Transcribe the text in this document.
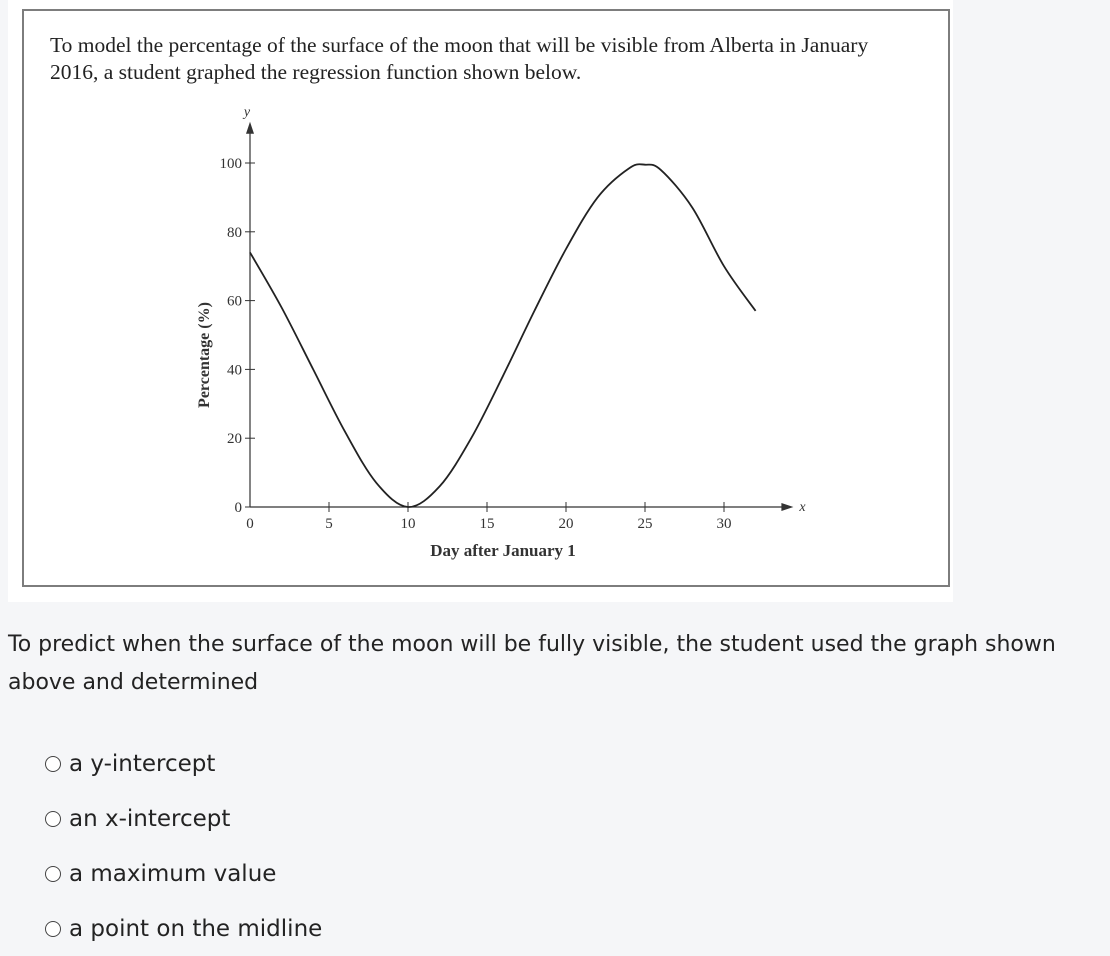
To model the percentage of the surface of the moon that will be visible from Alberta in January 2016, a student graphed the regression function shown below.

x
y
0	5	10	15	20	25	30
0
20
40
60
80
100
Day after January 1
Percentage (%)

To predict when the surface of the moon will be fully visible, the student used the graph shown above and determined

a y-intercept
an x-intercept
a maximum value
a point on the midline
